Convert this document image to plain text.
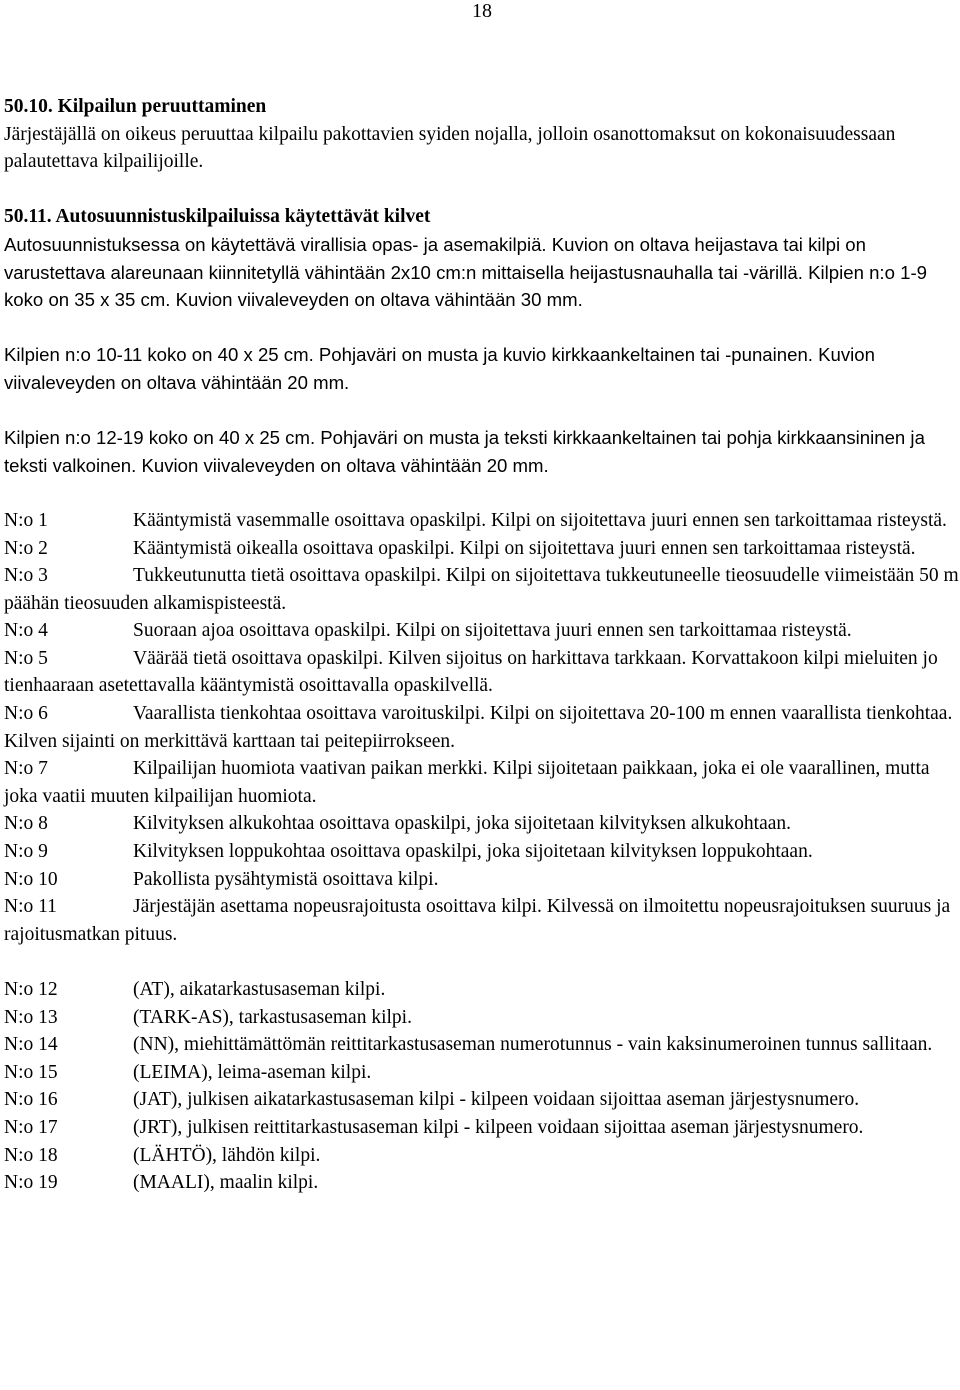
18
50.10. Kilpailun peruuttaminen
Järjestäjällä on oikeus peruuttaa kilpailu pakottavien syiden nojalla, jolloin osanottomaksut on kokonaisuudessaan palautettava kilpailijoille.
50.11. Autosuunnistuskilpailuissa käytettävät kilvet
Autosuunnistuksessa on käytettävä virallisia opas- ja asemakilpiä. Kuvion on oltava heijastava tai kilpi on varustettava alareunaan kiinnitetyllä vähintään 2x10 cm:n mittaisella heijastusnauhalla tai -värillä. Kilpien n:o 1-9 koko on 35 x 35 cm. Kuvion viivaleveyden on oltava vähintään 30 mm.
Kilpien n:o 10-11 koko on 40 x 25 cm. Pohjaväri on musta ja kuvio kirkkaankeltainen tai -punainen. Kuvion viivaleveyden on oltava vähintään 20 mm.
Kilpien n:o 12-19 koko on 40 x 25 cm. Pohjaväri on musta ja teksti kirkkaankeltainen tai pohja kirkkaansininen ja teksti valkoinen. Kuvion viivaleveyden on oltava vähintään 20 mm.
N:o 1	Kääntymistä vasemmalle osoittava opaskilpi. Kilpi on sijoitettava juuri ennen sen tarkoittamaa risteystä.
N:o 2	Kääntymistä oikealla osoittava opaskilpi. Kilpi on sijoitettava juuri ennen sen tarkoittamaa risteystä.
N:o 3	Tukkeutunutta tietä osoittava opaskilpi. Kilpi on sijoitettava tukkeutuneelle tieosuudelle viimeistään 50 m päähän tieosuuden alkamispisteestä.
N:o 4	Suoraan ajoa osoittava opaskilpi. Kilpi on sijoitettava juuri ennen sen tarkoittamaa risteystä.
N:o 5	Väärää tietä osoittava opaskilpi. Kilven sijoitus on harkittava tarkkaan. Korvattakoon kilpi mieluiten jo tienhaaraan asetettavalla kääntymistä osoittavalla opaskilvellä.
N:o 6	Vaarallista tienkohtaa osoittava varoituskilpi. Kilpi on sijoitettava 20-100 m ennen vaarallista tienkohtaa. Kilven sijainti on merkittävä karttaan tai peitepiirrokseen.
N:o 7	Kilpailijan huomiota vaativan paikan merkki. Kilpi sijoitetaan paikkaan, joka ei ole vaarallinen, mutta joka vaatii muuten kilpailijan huomiota.
N:o 8	Kilvityksen alkukohtaa osoittava opaskilpi, joka sijoitetaan kilvityksen alkukohtaan.
N:o 9	Kilvityksen loppukohtaa osoittava opaskilpi, joka sijoitetaan kilvityksen loppukohtaan.
N:o 10	Pakollista pysähtymistä osoittava kilpi.
N:o 11	Järjestäjän asettama nopeusrajoitusta osoittava kilpi. Kilvessä on ilmoitettu nopeusrajoituksen suuruus ja rajoitusmatkan pituus.
N:o 12	(AT), aikatarkastusaseman kilpi.
N:o 13	(TARK-AS), tarkastusaseman kilpi.
N:o 14	(NN), miehittämättömän reittitarkastusaseman numerotunnus - vain kaksinumeroinen tunnus sallitaan.
N:o 15	(LEIMA), leima-aseman kilpi.
N:o 16	(JAT), julkisen aikatarkastusaseman kilpi - kilpeen voidaan sijoittaa aseman järjestysnumero.
N:o 17	(JRT), julkisen reittitarkastusaseman kilpi - kilpeen voidaan sijoittaa aseman järjestysnumero.
N:o 18	(LÄHTÖ), lähdön kilpi.
N:o 19	(MAALI), maalin kilpi.
